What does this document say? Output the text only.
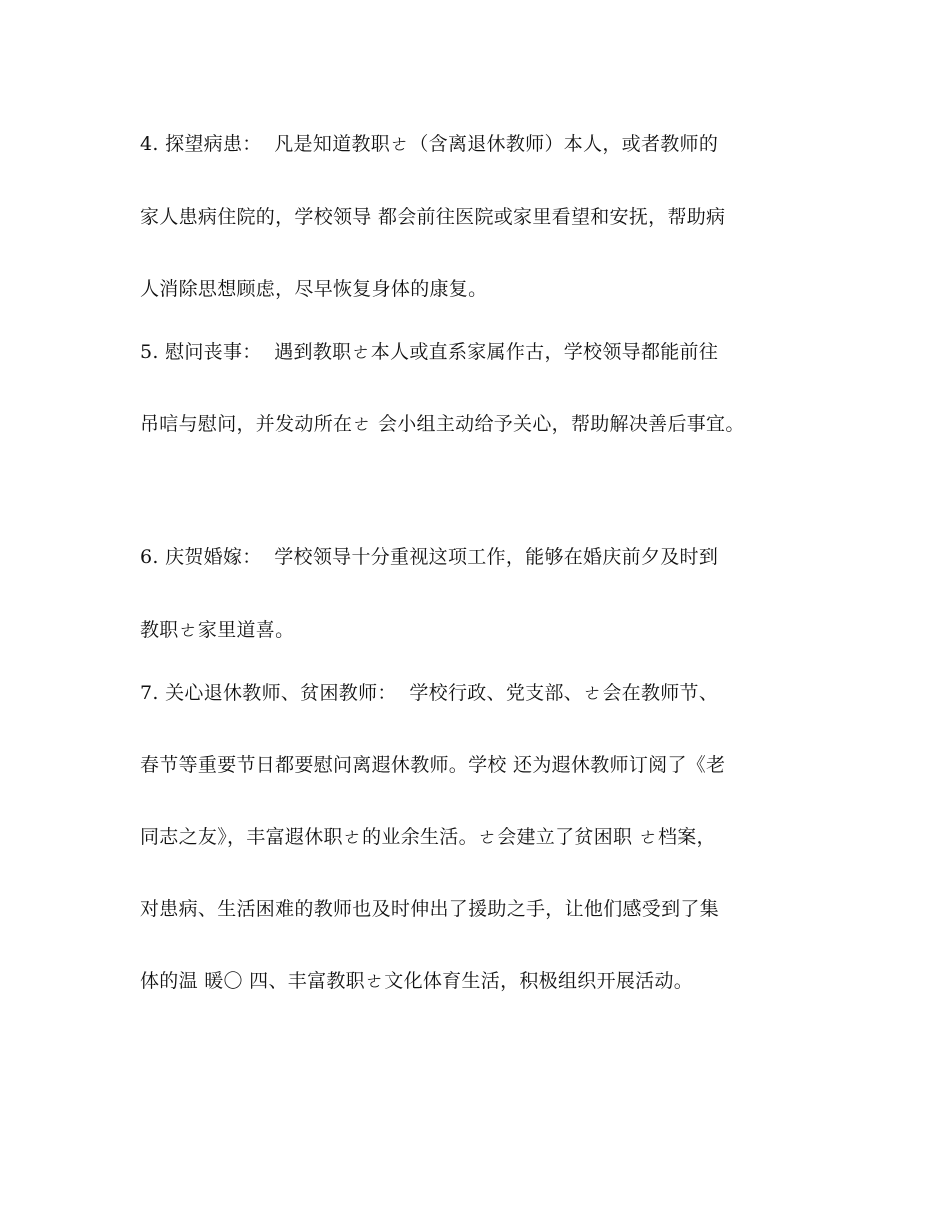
4. 探望病患：  凡是知道教职ㄜ（含离退休教师）本人，或者教师的
家人患病住院的，学校领导 都会前往医院或家里看望和安抚，帮助病
人消除思想顾虑，尽早恢复身体的康复。
5. 慰问丧事：  遇到教职ㄜ本人或直系家属作古，学校领导都能前往
吊唁与慰问，并发动所在ㄜ 会小组主动给予关心，帮助解决善后事宜。
6. 庆贺婚嫁：  学校领导十分重视这项工作，能够在婚庆前夕及时到
教职ㄜ家里道喜。
7. 关心退休教师、贫困教师：  学校行政、党支部、ㄜ会在教师节、
春节等重要节日都要慰问离遐休教师。学校 还为遐休教师订阅了《老
同志之友》，丰富遐休职ㄜ的业余生活。ㄜ会建立了贫困职 ㄜ档案，
对患病、生活困难的教师也及时伸出了援助之手，让他们感受到了集
体的温 暖〇 四、丰富教职ㄜ文化体育生活，积极组织开展活动。
